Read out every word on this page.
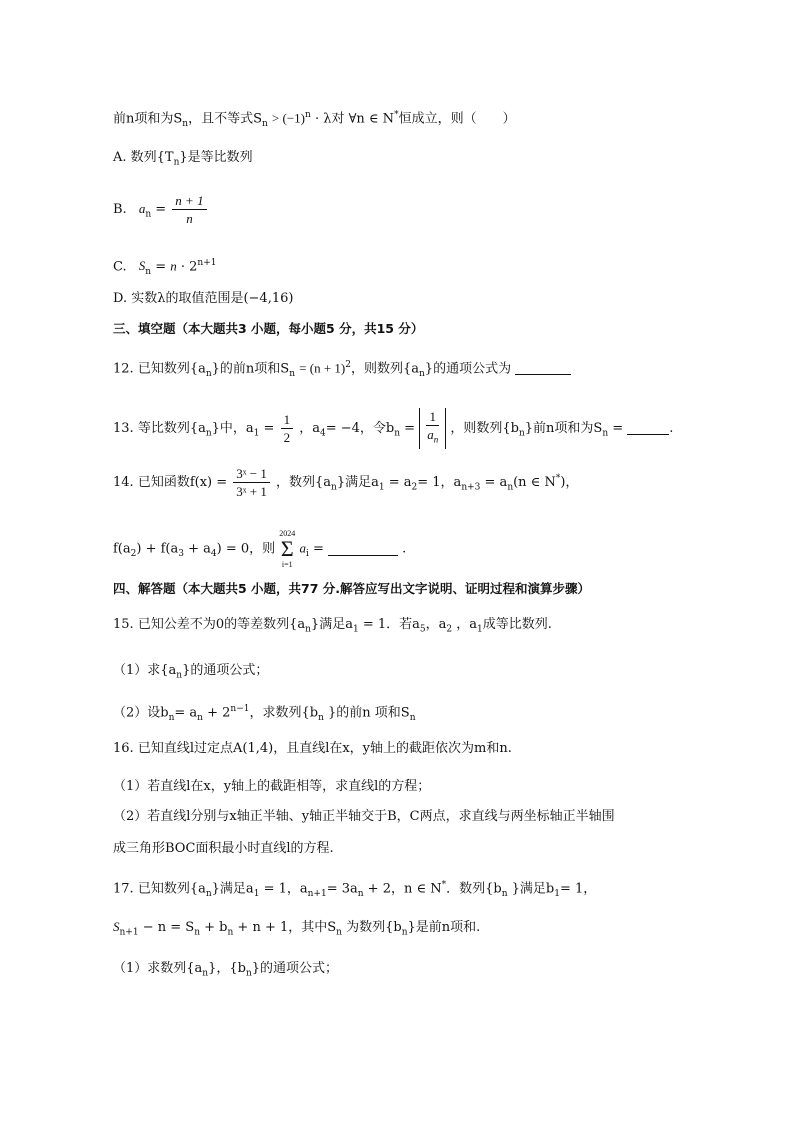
前n项和为$S_n$，且不等式$S_n > (-1)^n \cdot \lambda$对 ∀n ∈ N*恒成立，则（　　）
A. 数列$\{T_n\}$是等比数列
B. $a_n = \frac{n + 1}{n}$
C. $S_n = n \cdot 2^{n+1}$
D. 实数λ的取值范围是(−4,16)
三、填空题（本大题共3 小题，每小题5 分，共15 分）
12. 已知数列$\{a_n\}$的前n项和$S_n = (n + 1)^2$，则数列$\{a_n\}$的通项公式为
13. 等比数列$\{a_n\}$中，$a_1 = \frac{1}{2}$ ，$a_4= -4$，令$b_n = \frac{1}{a_n}$ ，则数列$\{b_n\}$前n项和为$S_n$ =	.
14. 已知函数$f(x) = \frac{\text{3ˣ − 1}}{\text{3ˣ + 1}}$ ，数列$\{a_n\}$满足$a_1 = a_2= 1$，$a_{n+3} = a_n(n$ ∈ N*)，
$f(a_2) + f(a_3 + a_4) = 0$，则
2024
Σ
i=1
$a_i$ =	.
四、解答题（本大题共5 小题，共77 分.解答应写出文字说明、证明过程和演算步骤）
15. 已知公差不为0的等差数列$\{a_n\}$满足$a_1 = 1$．若$a_5$，$a_2$ ，$a_1$成等比数列.
（1）求$\{a_n\}$的通项公式；
（2）设$b_n= a_n + 2^{n-1}$，求数列{$b_n$ }的前n 项和$S_n$
16. 已知直线l过定点A(1,4)，且直线l在x，y轴上的截距依次为m和n.
（1）若直线l在x，y轴上的截距相等，求直线l的方程；
（2）若直线l分别与x轴正半轴、y轴正半轴交于B，C两点，求直线与两坐标轴正半轴围
成三角形BOC面积最小时直线l的方程.
17. 已知数列$\{a_n\}$满足$a_1 = 1$，$a_{n+1}= 3a_n + 2$，n ∈ N*．数列{$b_n$ }满足$b_1= 1$，
$S_{n+1} - n = S_n + b_n + n + 1$，其中$S_n$ 为数列$\{b_n\}$是前n项和.
（1）求数列$\{a_n\}$，$\{b_n\}$的通项公式；
